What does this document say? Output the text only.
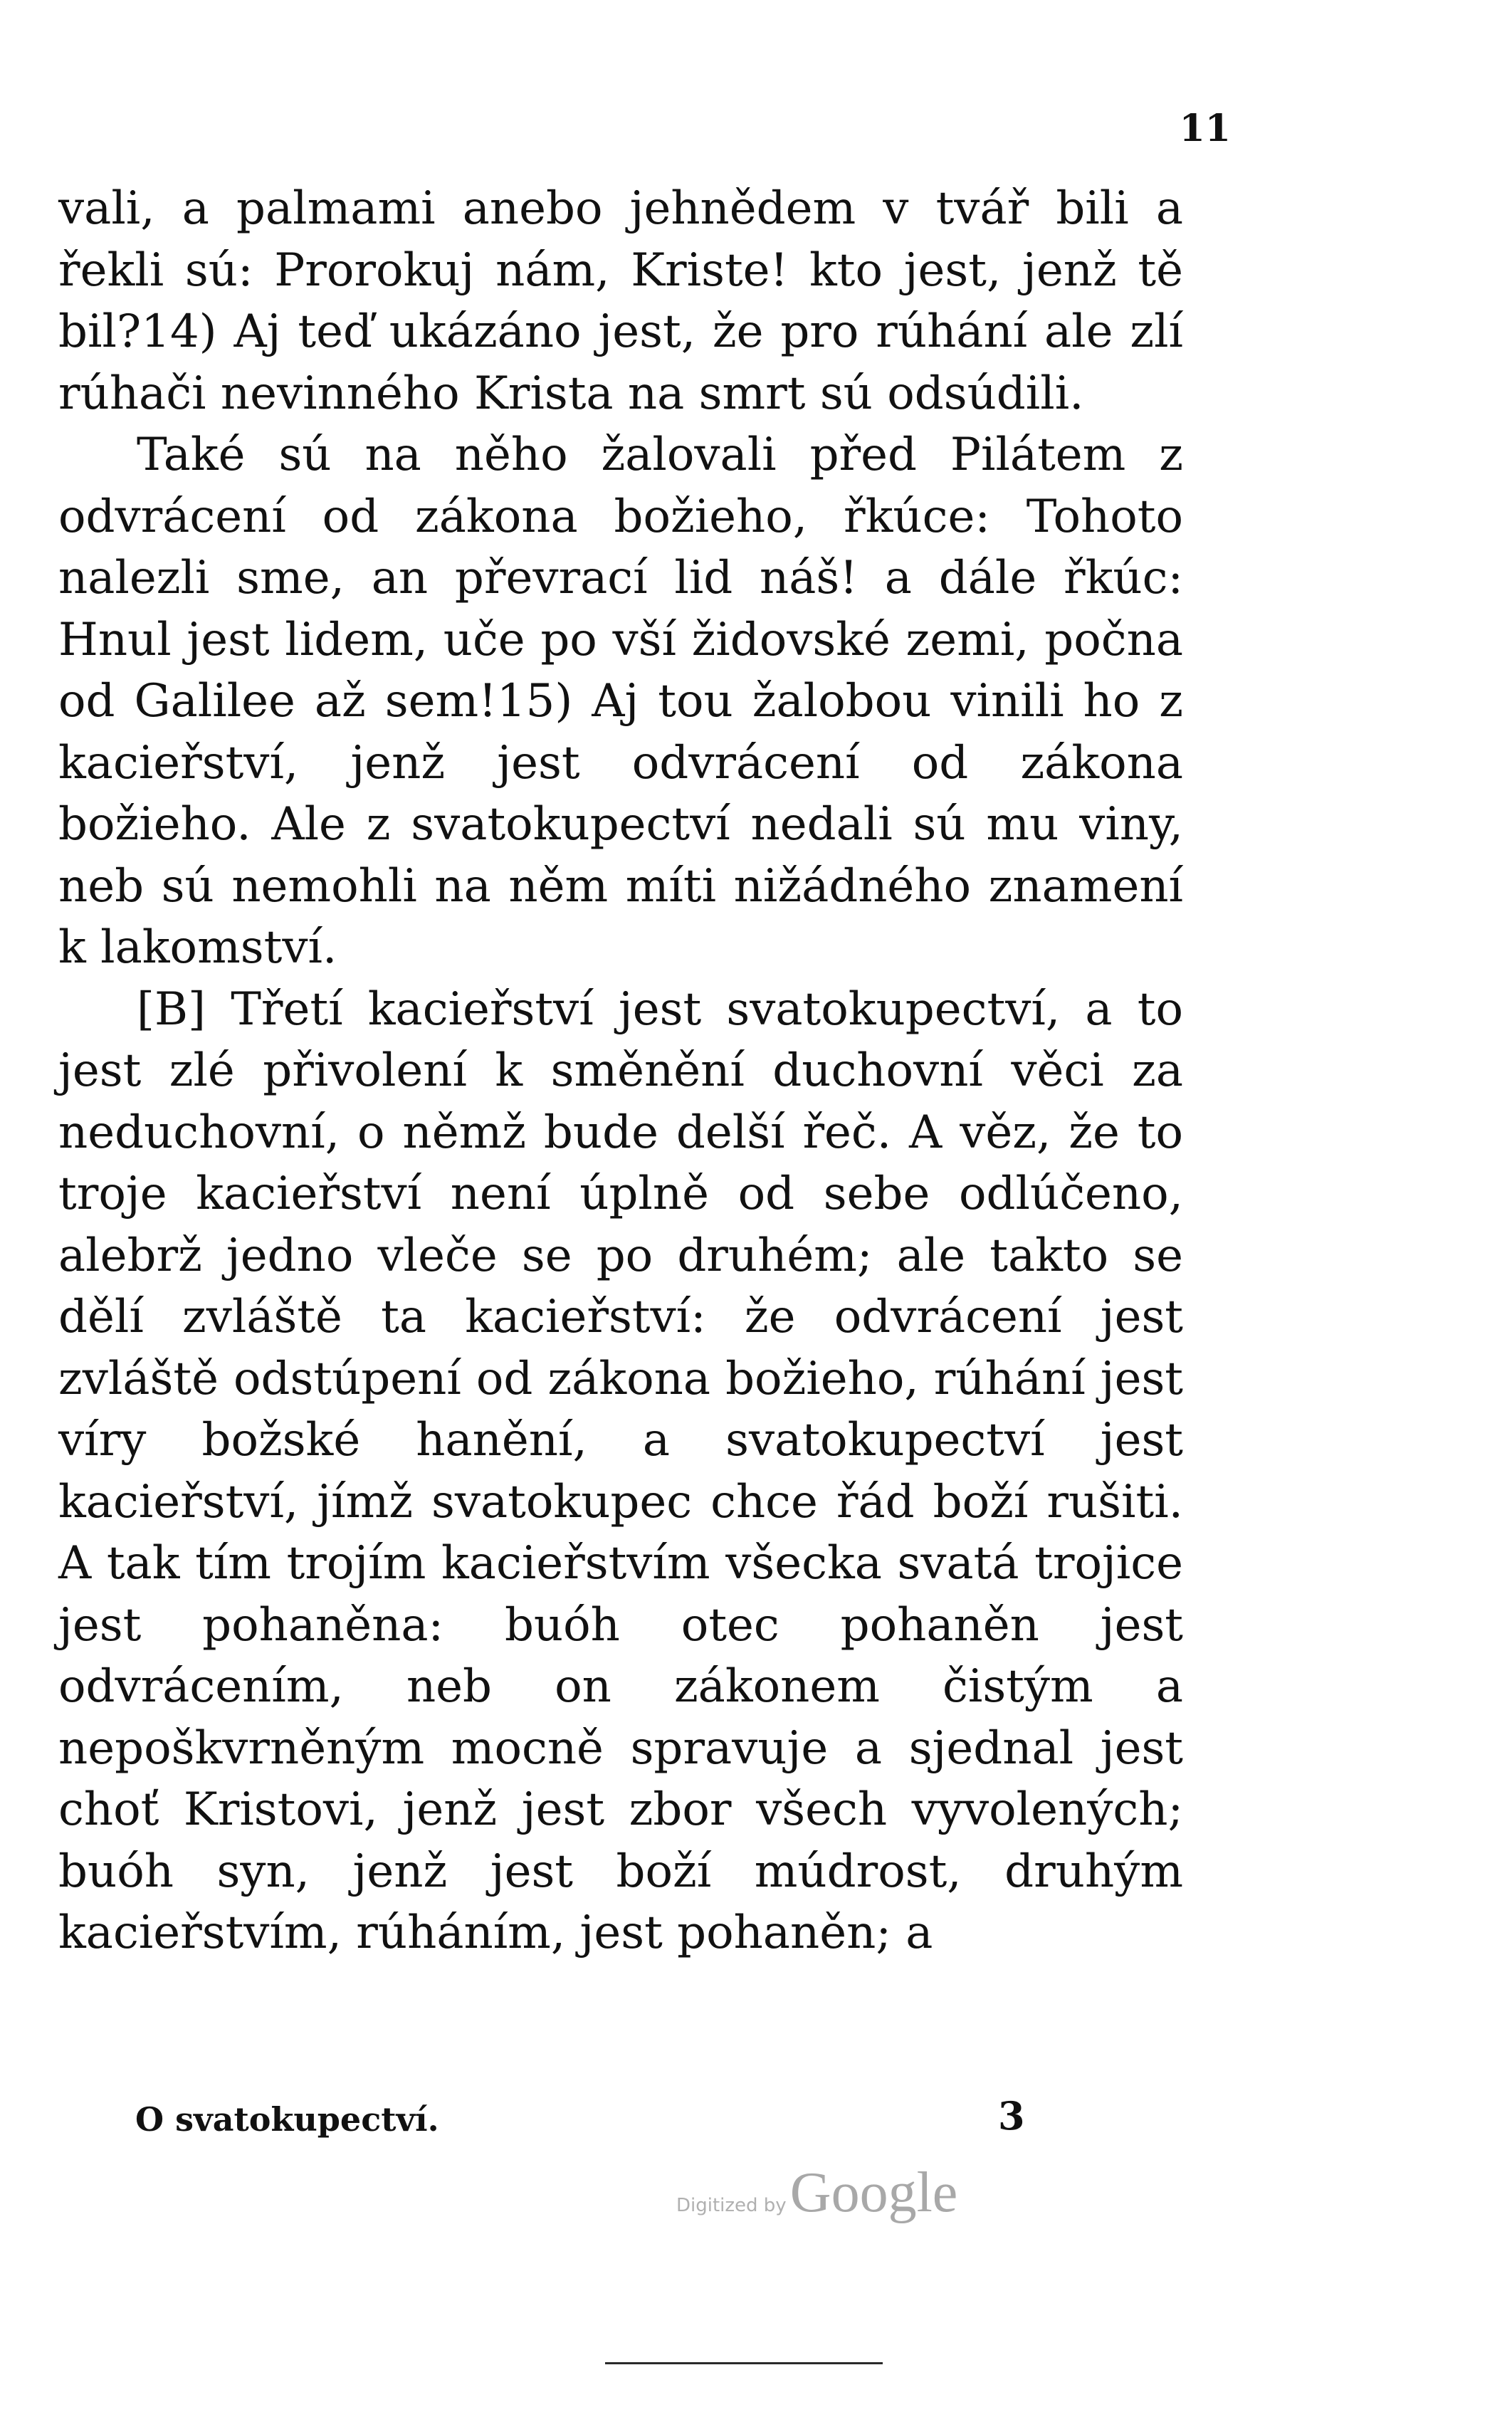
11

vali, a palmami anebo jehnědem v tvář bili a řekli sú: Prorokuj nám, Kriste! kto jest, jenž tě bil?14) Aj teď ukázáno jest, že pro rúhání ale zlí rúhači nevinného Krista na smrt sú odsúdili.

Také sú na něho žalovali před Pilátem z odvrácení od zákona božieho, řkúce: Tohoto nalezli sme, an převrací lid náš! a dále řkúc: Hnul jest lidem, uče po vší židovské zemi, počna od Galilee až sem!15) Aj tou žalobou vinili ho z kacieřství, jenž jest odvrácení od zákona božieho. Ale z svatokupectví nedali sú mu viny, neb sú nemohli na něm míti nižádného znamení k lakomství.

[B] Třetí kacieřství jest svatokupectví, a to jest zlé přivolení k směnění duchovní věci za neduchovní, o němž bude delší řeč. A věz, že to troje kacieřství není úplně od sebe odlúčeno, alebrž jedno vleče se po druhém; ale takto se dělí zvláště ta kacieřství: že odvrácení jest zvláště odstúpení od zákona božieho, rúhání jest víry božské hanění, a svatokupectví jest kacieřství, jímž svatokupec chce řád boží rušiti. A tak tím trojím kacieřstvím všecka svatá trojice jest pohaněna: buóh otec pohaněn jest odvrácením, neb on zákonem čistým a nepoškvrněným mocně spravuje a sjednal jest choť Kristovi, jenž jest zbor všech vyvolených; buóh syn, jenž jest boží múdrost, druhým kacieřstvím, rúháním, jest pohaněn; a

O svatokupectví.	3
Digitized by Google
